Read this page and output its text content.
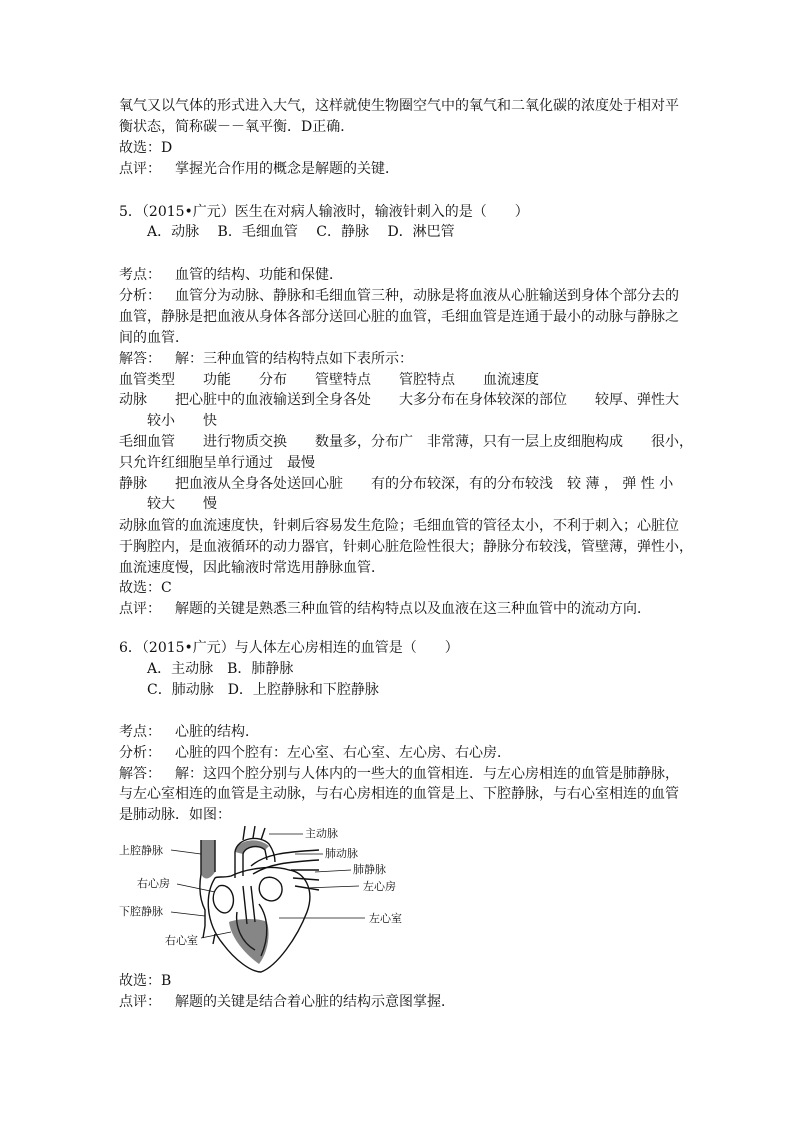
氧气又以气体的形式进入大气，这样就使生物圈空气中的氧气和二氧化碳的浓度处于相对平
衡状态，简称碳－－氧平衡．D正确．
故选：D
点评： 掌握光合作用的概念是解题的关键．
5．（2015•广元）医生在对病人输液时，输液针刺入的是（　　）
A．动脉　 B．毛细血管　 C．静脉　 D．淋巴管
考点： 血管的结构、功能和保健．
分析： 血管分为动脉、静脉和毛细血管三种，动脉是将血液从心脏输送到身体个部分去的
血管，静脉是把血液从身体各部分送回心脏的血管，毛细血管是连通于最小的动脉与静脉之
间的血管．
解答： 解：三种血管的结构特点如下表所示：
血管类型　　功能　　分布　　管壁特点　　管腔特点　　血流速度
动脉　　把心脏中的血液输送到全身各处　　大多分布在身体较深的部位　　较厚、弹性大
较小　　快
毛细血管　　进行物质交换　　数量多，分布广　非常薄，只有一层上皮细胞构成　　很小，
只允许红细胞呈单行通过　最慢
静脉　　把血液从全身各处送回心脏　　有的分布较深，有的分布较浅　较 薄 ， 弹 性 小
较大　　慢
动脉血管的血流速度快，针刺后容易发生危险；毛细血管的管径太小，不利于刺入；心脏位
于胸腔内，是血液循环的动力器官，针刺心脏危险性很大；静脉分布较浅，管壁薄，弹性小，
血流速度慢，因此输液时常选用静脉血管．
故选：C
点评： 解题的关键是熟悉三种血管的结构特点以及血液在这三种血管中的流动方向．
6．（2015•广元）与人体左心房相连的血管是（　　）
A．主动脉　B．肺静脉
C．肺动脉　D．上腔静脉和下腔静脉
考点： 心脏的结构．
分析： 心脏的四个腔有：左心室、右心室、左心房、右心房．
解答： 解：这四个腔分别与人体内的一些大的血管相连．与左心房相连的血管是肺静脉，
与左心室相连的血管是主动脉，与右心房相连的血管是上、下腔静脉，与右心室相连的血管
是肺动脉．如图：
主动脉
肺动脉
肺静脉
左心房
左心室
上腔静脉
右心房
下腔静脉
右心室
故选：B
点评： 解题的关键是结合着心脏的结构示意图掌握．
